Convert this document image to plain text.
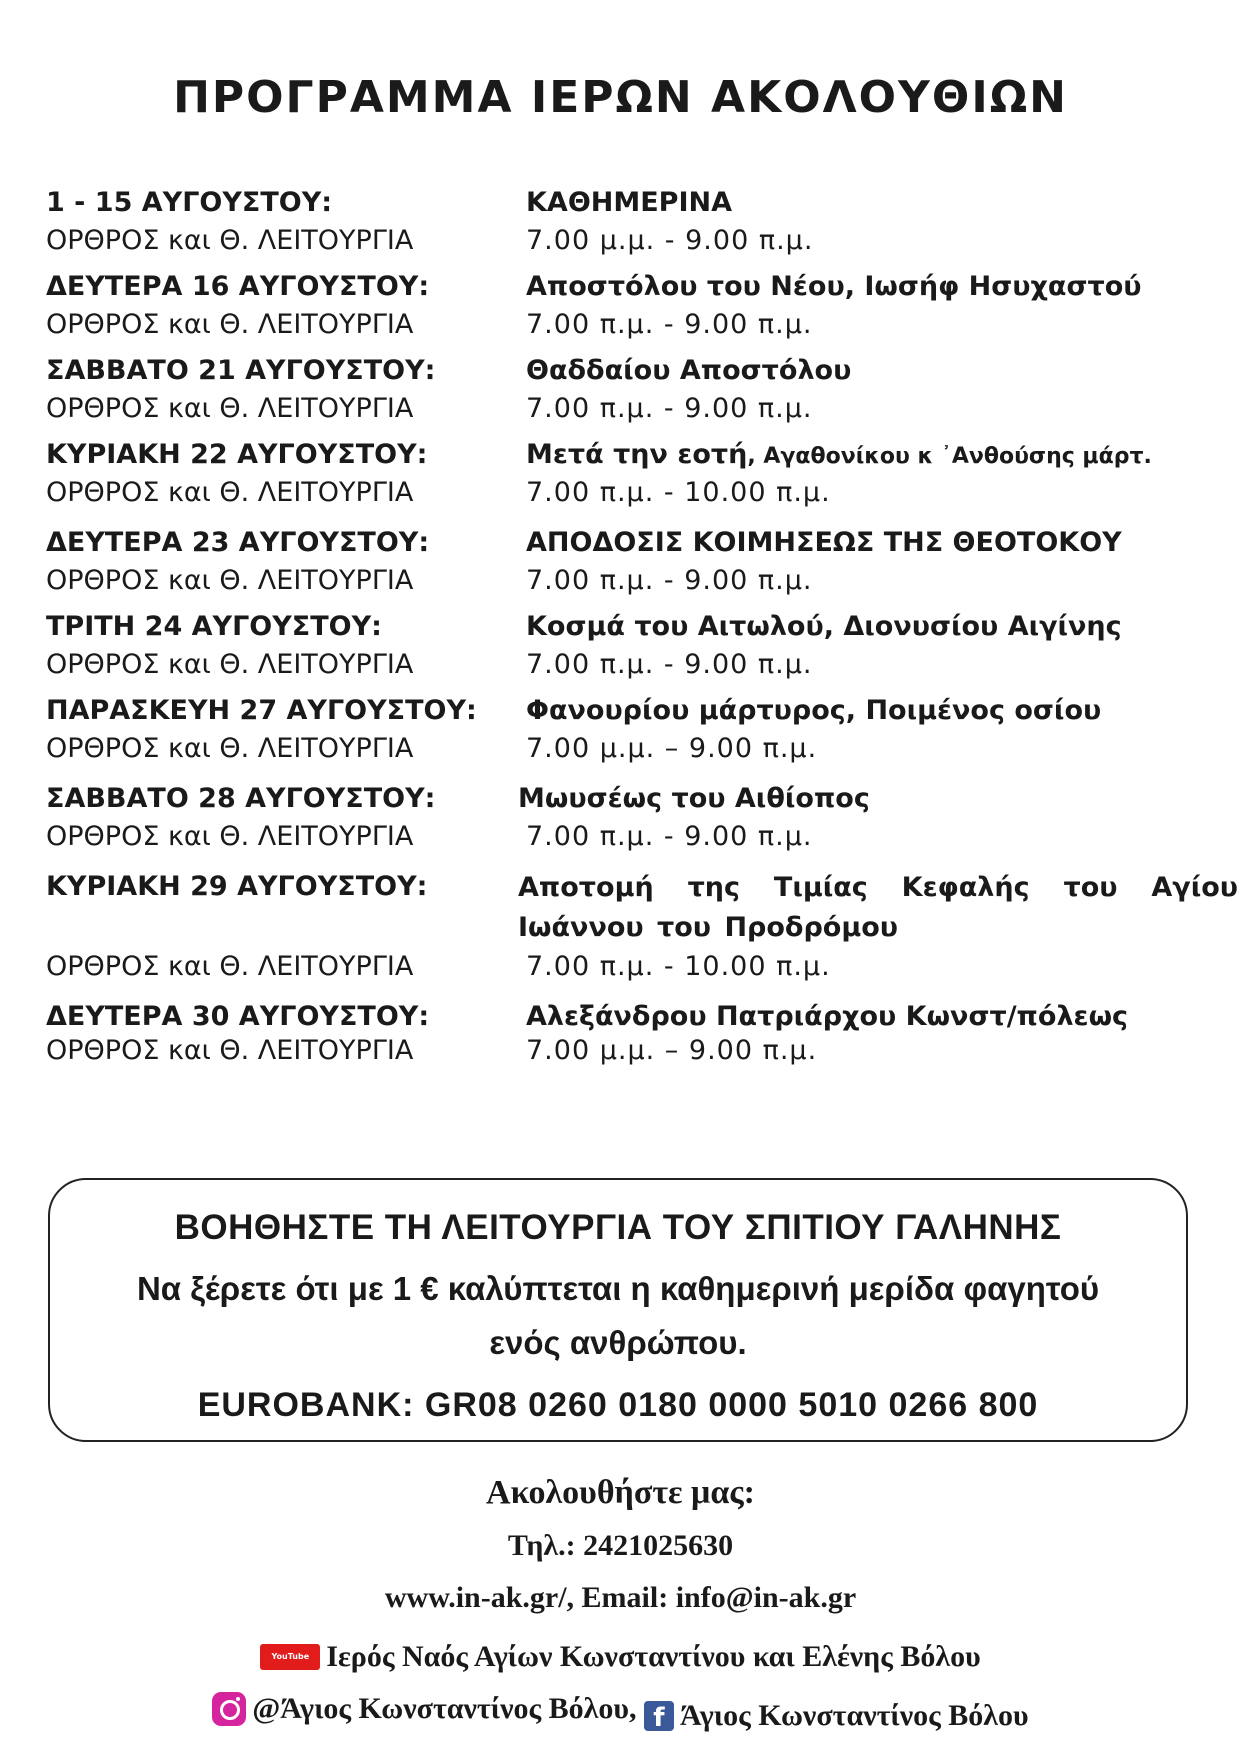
ΠΡΟΓΡΑΜΜΑ ΙΕΡΩΝ ΑΚΟΛΟΥΘΙΩΝ
1 - 15 ΑΥΓΟΥΣΤΟΥ:	ΚΑΘΗΜΕΡΙΝΑ
ΟΡΘΡΟΣ και Θ. ΛΕΙΤΟΥΡΓΙΑ	7.00 μ.μ. - 9.00 π.μ.
ΔΕΥΤΕΡΑ 16 ΑΥΓΟΥΣΤΟΥ:	Αποστόλου του Νέου, Ιωσήφ Ησυχαστού
ΟΡΘΡΟΣ και Θ. ΛΕΙΤΟΥΡΓΙΑ	7.00 π.μ. - 9.00 π.μ.
ΣΑΒΒΑΤΟ 21 ΑΥΓΟΥΣΤΟΥ:	Θαδδαίου Αποστόλου
ΟΡΘΡΟΣ και Θ. ΛΕΙΤΟΥΡΓΙΑ	7.00 π.μ. - 9.00 π.μ.
ΚΥΡΙΑΚΗ 22 ΑΥΓΟΥΣΤΟΥ:	Μετά την εοτή, Αγαθονίκου κ ᾿Ανθούσης μάρτ.
ΟΡΘΡΟΣ και Θ. ΛΕΙΤΟΥΡΓΙΑ	7.00 π.μ. - 10.00 π.μ.
ΔΕΥΤΕΡΑ 23 ΑΥΓΟΥΣΤΟΥ:	ΑΠΟΔΟΣΙΣ ΚΟΙΜΗΣΕΩΣ ΤΗΣ ΘΕΟΤΟΚΟΥ
ΟΡΘΡΟΣ και Θ. ΛΕΙΤΟΥΡΓΙΑ	7.00 π.μ. - 9.00 π.μ.
ΤΡΙΤΗ 24 ΑΥΓΟΥΣΤΟΥ:	Κοσμά του Αιτωλού, Διονυσίου Αιγίνης
ΟΡΘΡΟΣ και Θ. ΛΕΙΤΟΥΡΓΙΑ	7.00 π.μ. - 9.00 π.μ.
ΠΑΡΑΣΚΕΥΗ 27 ΑΥΓΟΥΣΤΟΥ: Φανουρίου μάρτυρος, Ποιμένος οσίου
ΟΡΘΡΟΣ και Θ. ΛΕΙΤΟΥΡΓΙΑ	7.00 μ.μ. – 9.00 π.μ.
ΣΑΒΒΑΤΟ 28 ΑΥΓΟΥΣΤΟΥ:	Μωυσέως του Αιθίοπος
ΟΡΘΡΟΣ και Θ. ΛΕΙΤΟΥΡΓΙΑ	7.00 π.μ. - 9.00 π.μ.
ΚΥΡΙΑΚΗ 29 ΑΥΓΟΥΣΤΟΥ:	Αποτομή της Τιμίας Κεφαλής του Αγίου Ιωάννου του Προδρόμου
ΟΡΘΡΟΣ και Θ. ΛΕΙΤΟΥΡΓΙΑ	7.00 π.μ. - 10.00 π.μ.
ΔΕΥΤΕΡΑ 30 ΑΥΓΟΥΣΤΟΥ:	Αλεξάνδρου Πατριάρχου Κωνστ/πόλεως
ΟΡΘΡΟΣ και Θ. ΛΕΙΤΟΥΡΓΙΑ	7.00 μ.μ. – 9.00 π.μ.
ΒΟΗΘΗΣΤΕ ΤΗ ΛΕΙΤΟΥΡΓΙΑ ΤΟΥ ΣΠΙΤΙΟΥ ΓΑΛΗΝΗΣ
Να ξέρετε ότι με 1 € καλύπτεται η καθημερινή μερίδα φαγητού ενός ανθρώπου.
EUROBANK: GR08 0260 0180 0000 5010 0266 800
Ακολουθήστε μας:
Τηλ.: 2421025630
www.in-ak.gr/, Email: info@in-ak.gr
YouTube Ιερός Ναός Αγίων Κωνσταντίνου και Ελένης Βόλου
@Άγιος Κωνσταντίνος Βόλου,
f Άγιος Κωνσταντίνος Βόλου
